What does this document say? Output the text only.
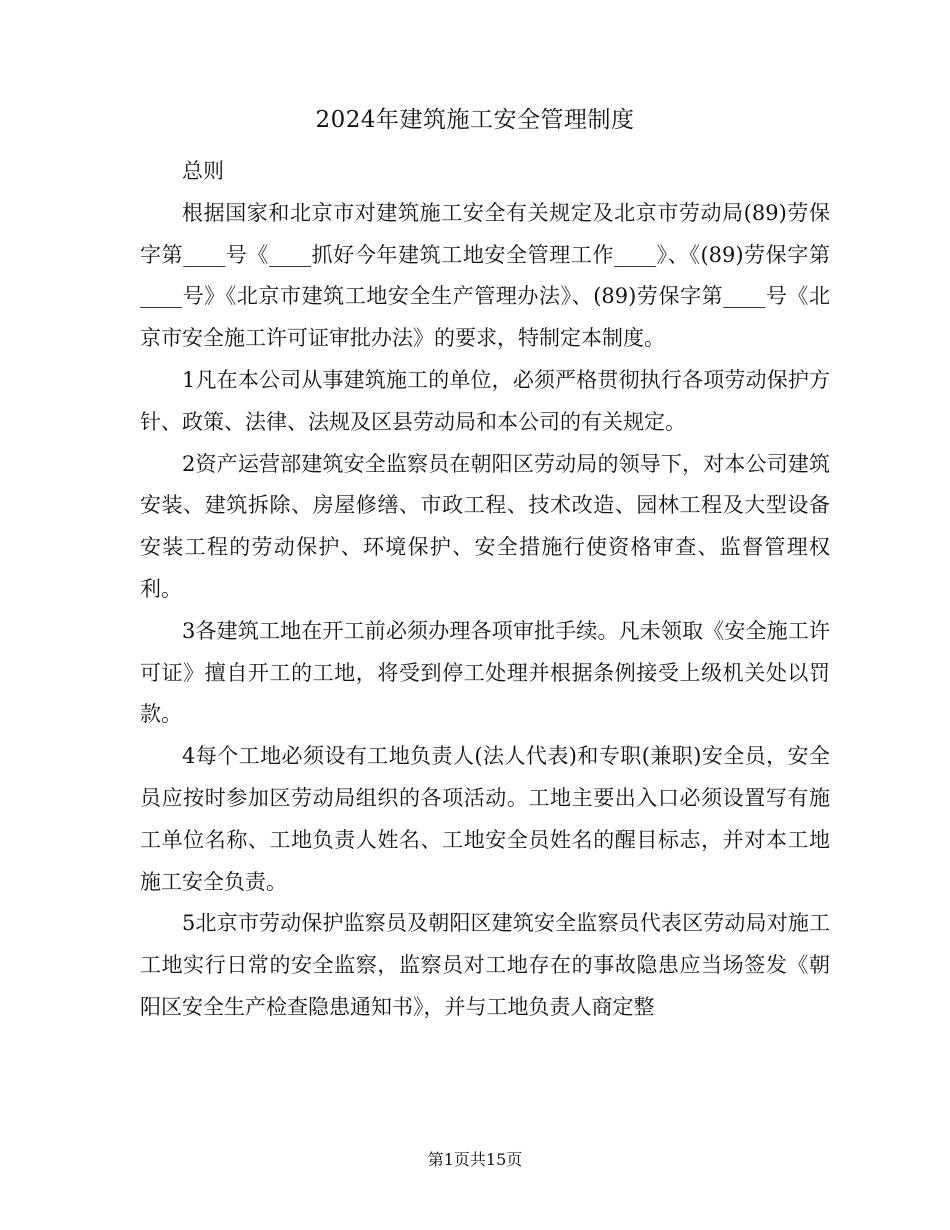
2024年建筑施工安全管理制度

总则

根据国家和北京市对建筑施工安全有关规定及北京市劳动局(89)劳保字第____号《____抓好今年建筑工地安全管理工作____》、《(89)劳保字第____号》《北京市建筑工地安全生产管理办法》、(89)劳保字第____号《北京市安全施工许可证审批办法》的要求，特制定本制度。

1凡在本公司从事建筑施工的单位，必须严格贯彻执行各项劳动保护方针、政策、法律、法规及区县劳动局和本公司的有关规定。

2资产运营部建筑安全监察员在朝阳区劳动局的领导下，对本公司建筑安装、建筑拆除、房屋修缮、市政工程、技术改造、园林工程及大型设备安装工程的劳动保护、环境保护、安全措施行使资格审查、监督管理权利。

3各建筑工地在开工前必须办理各项审批手续。凡未领取《安全施工许可证》擅自开工的工地，将受到停工处理并根据条例接受上级机关处以罚款。

4每个工地必须设有工地负责人(法人代表)和专职(兼职)安全员，安全员应按时参加区劳动局组织的各项活动。工地主要出入口必须设置写有施工单位名称、工地负责人姓名、工地安全员姓名的醒目标志，并对本工地施工安全负责。

5北京市劳动保护监察员及朝阳区建筑安全监察员代表区劳动局对施工工地实行日常的安全监察，监察员对工地存在的事故隐患应当场签发《朝阳区安全生产检查隐患通知书》，并与工地负责人商定整

第1页共15页
